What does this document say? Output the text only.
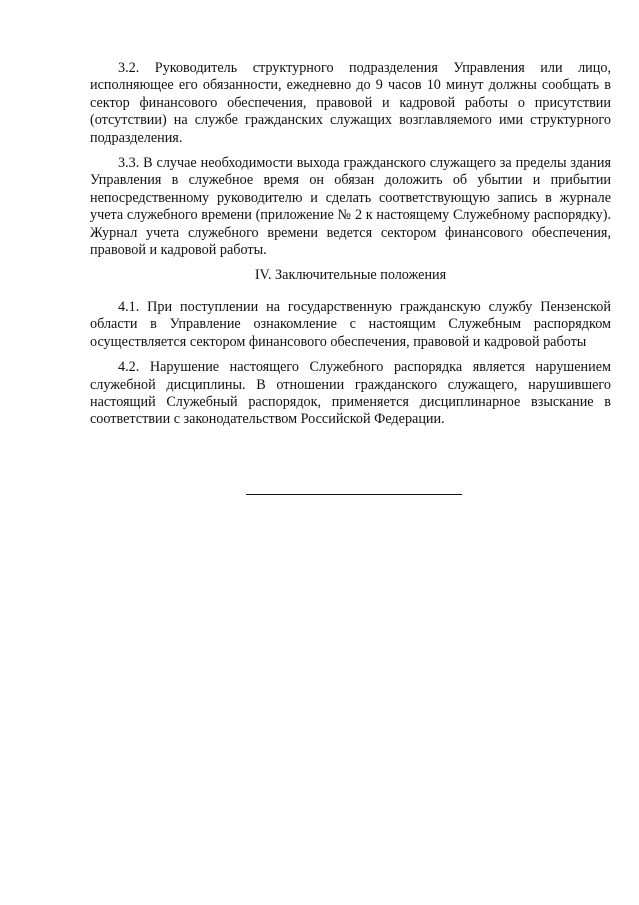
3.2. Руководитель структурного подразделения Управления или лицо, исполняющее его обязанности, ежедневно до 9 часов 10 минут должны сообщать в сектор финансового обеспечения, правовой и кадровой работы о присутствии (отсутствии) на службе гражданских служащих возглавляемого ими структурного подразделения.

3.3. В случае необходимости выхода гражданского служащего за пределы здания Управления в служебное время он обязан доложить об убытии и прибытии непосредственному руководителю и сделать соответствующую запись в журнале учета служебного времени (приложение № 2 к настоящему Служебному распорядку). Журнал учета служебного времени ведется сектором финансового обеспечения, правовой и кадровой работы.

IV. Заключительные положения

4.1. При поступлении на государственную гражданскую службу Пензенской области в Управление ознакомление с настоящим Служебным распорядком осуществляется сектором финансового обеспечения, правовой и кадровой работы

4.2. Нарушение настоящего Служебного распорядка является нарушением служебной дисциплины. В отношении гражданского служащего, нарушившего настоящий Служебный распорядок, применяется дисциплинарное взыскание в соответствии с законодательством Российской Федерации.
